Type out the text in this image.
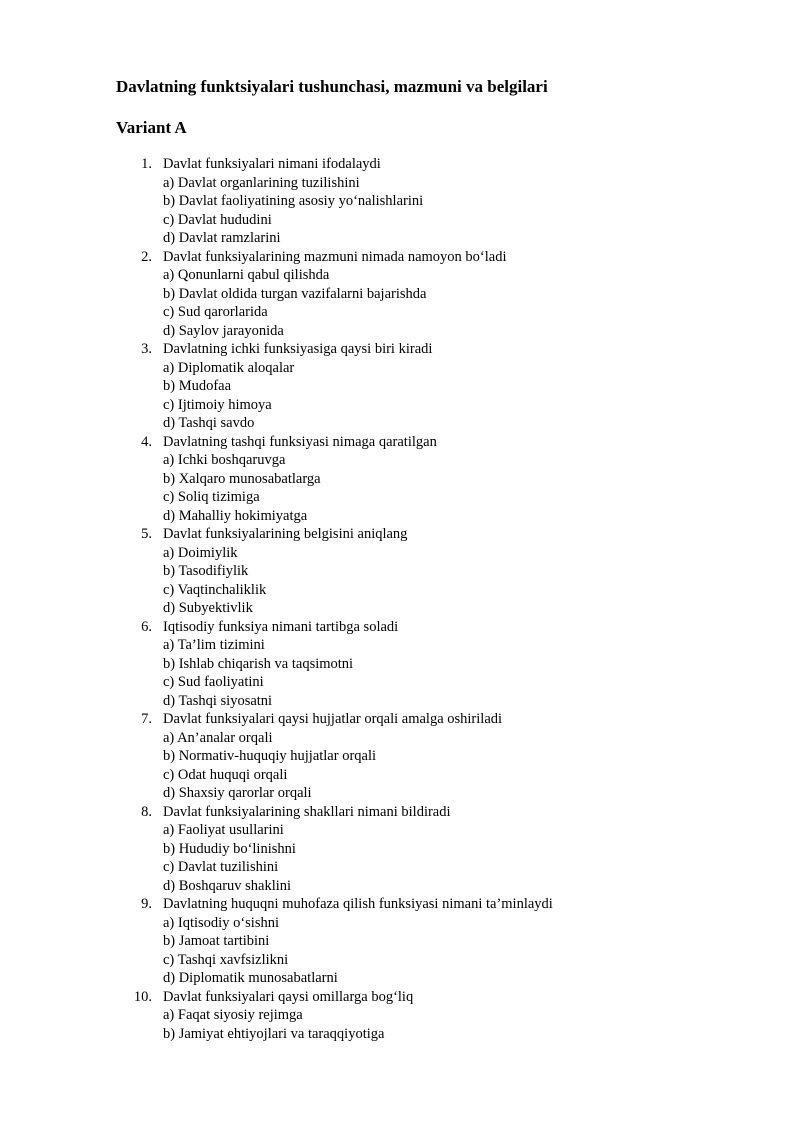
Davlatning funktsiyalari tushunchasi, mazmuni va belgilari
Variant A
1. Davlat funksiyalari nimani ifodalaydi
a) Davlat organlarining tuzilishini
b) Davlat faoliyatining asosiy yo‘nalishlarini
c) Davlat hududini
d) Davlat ramzlarini
2. Davlat funksiyalarining mazmuni nimada namoyon bo‘ladi
a) Qonunlarni qabul qilishda
b) Davlat oldida turgan vazifalarni bajarishda
c) Sud qarorlarida
d) Saylov jarayonida
3. Davlatning ichki funksiyasiga qaysi biri kiradi
a) Diplomatik aloqalar
b) Mudofaa
c) Ijtimoiy himoya
d) Tashqi savdo
4. Davlatning tashqi funksiyasi nimaga qaratilgan
a) Ichki boshqaruvga
b) Xalqaro munosabatlarga
c) Soliq tizimiga
d) Mahalliy hokimiyatga
5. Davlat funksiyalarining belgisini aniqlang
a) Doimiylik
b) Tasodifiylik
c) Vaqtinchaliklik
d) Subyektivlik
6. Iqtisodiy funksiya nimani tartibga soladi
a) Ta’lim tizimini
b) Ishlab chiqarish va taqsimotni
c) Sud faoliyatini
d) Tashqi siyosatni
7. Davlat funksiyalari qaysi hujjatlar orqali amalga oshiriladi
a) An’analar orqali
b) Normativ-huquqiy hujjatlar orqali
c) Odat huquqi orqali
d) Shaxsiy qarorlar orqali
8. Davlat funksiyalarining shakllari nimani bildiradi
a) Faoliyat usullarini
b) Hududiy bo‘linishni
c) Davlat tuzilishini
d) Boshqaruv shaklini
9. Davlatning huquqni muhofaza qilish funksiyasi nimani ta’minlaydi
a) Iqtisodiy o‘sishni
b) Jamoat tartibini
c) Tashqi xavfsizlikni
d) Diplomatik munosabatlarni
10. Davlat funksiyalari qaysi omillarga bog‘liq
a) Faqat siyosiy rejimga
b) Jamiyat ehtiyojlari va taraqqiyotiga
